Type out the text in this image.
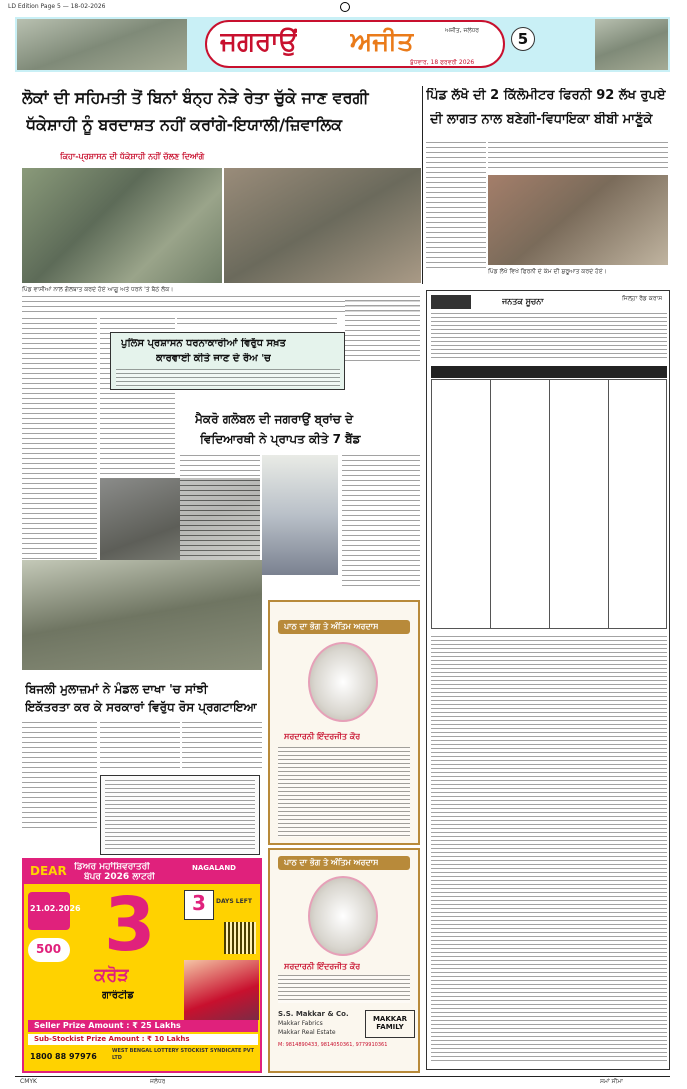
LD Edition Page 5 — 18-02-2026
ਜਗਰਾਉਂ ਅਜੀਤ	ਅਜੀਤ, ਜਲੰਧਰ
ਬੁੱਧਵਾਰ, 18 ਫਰਵਰੀ 2026
5
ਲੋਕਾਂ ਦੀ ਸਹਿਮਤੀ ਤੋਂ ਬਿਨਾਂ ਬੰਨ੍ਹ ਨੇੜੇ ਰੇਤਾ ਚੁੱਕੇ ਜਾਣ ਵਰਗੀ
ਧੱਕੇਸ਼ਾਹੀ ਨੂੰ ਬਰਦਾਸ਼ਤ ਨਹੀਂ ਕਰਾਂਗੇ-ਇਯਾਲੀ/ਜ਼ਿਵਾਲਿਕ
ਪਿੰਡ ਲੱਖੋ ਦੀ 2 ਕਿੱਲੋਮੀਟਰ ਫਿਰਨੀ 92 ਲੱਖ ਰੁਪਏ
ਦੀ ਲਾਗਤ ਨਾਲ ਬਣੇਗੀ-ਵਿਧਾਇਕਾ ਬੀਬੀ ਮਾਣੂੰਕੇ
ਕਿਹਾ-ਪ੍ਰਸ਼ਾਸਨ ਦੀ ਧੱਕੇਸ਼ਾਹੀ ਨਹੀਂ ਚੱਲਣ ਦਿਆਂਗੇ
ਪਿੰਡ ਵਾਸੀਆਂ ਨਾਲ ਗੱਲਬਾਤ ਕਰਦੇ ਹੋਏ ਆਗੂ ਅਤੇ ਧਰਨੇ 'ਤੇ ਬੈਠੇ ਲੋਕ।
ਪਿੰਡ ਲੱਖੋ ਵਿਖੇ ਫਿਰਨੀ ਦੇ ਕੰਮ ਦੀ ਸ਼ੁਰੂਆਤ ਕਰਦੇ ਹੋਏ।
ਪੁਲਿਸ ਪ੍ਰਸ਼ਾਸਨ ਧਰਨਾਕਾਰੀਆਂ ਵਿਰੁੱਧ ਸਖ਼ਤ
ਕਾਰਵਾਈ ਕੀਤੇ ਜਾਣ ਦੇ ਰੌਅ 'ਚ
ਮੈਕਰੋ ਗਲੋਬਲ ਦੀ ਜਗਰਾਉਂ ਬ੍ਰਾਂਚ ਦੇ
ਵਿਦਿਆਰਥੀ ਨੇ ਪ੍ਰਾਪਤ ਕੀਤੇ 7 ਬੈਂਡ
ਬਿਜਲੀ ਮੁਲਾਜ਼ਮਾਂ ਨੇ ਮੰਡਲ ਦਾਖਾ 'ਚ ਸਾਂਝੀ
ਇਕੱਤਰਤਾ ਕਰ ਕੇ ਸਰਕਾਰਾਂ ਵਿਰੁੱਧ ਰੋਸ ਪ੍ਰਗਟਾਇਆ
ਪਾਠ ਦਾ ਭੋਗ ਤੇ ਅੰਤਿਮ ਅਰਦਾਸ
ਸਰਦਾਰਨੀ ਇੰਦਰਜੀਤ ਕੌਰ
ਪਾਠ ਦਾ ਭੋਗ ਤੇ ਅੰਤਿਮ ਅਰਦਾਸ
ਸਰਦਾਰਨੀ ਇੰਦਰਜੀਤ ਕੌਰ
S.S. Makkar & Co.
Makkar Fabrics
Makkar Real Estate
MAKKAR FAMILY
M: 9814890433, 9814050361, 9779910361
DEAR ਡਿਅਰ ਮਹਾਂਸ਼ਿਵਰਾਤਰੀ
ਬੰਪਰ 2026 ਲਾਟਰੀ
NAGALAND
21.02.2026
500 3
ਕਰੋੜ
ਗਾਰੰਟੀਡ
3 DAYS LEFT
Seller Prize Amount : ₹ 25 Lakhs
Sub-Stockist Prize Amount : ₹ 10 Lakhs
1800 88 97976
WEST BENGAL LOTTERY STOCKIST SYNDICATE PVT LTD
ਜਨਤਕ ਸੂਚਨਾ	ਜਿਲ੍ਹਾ ਰੈਡ ਕਰਾਸ
CMYK	ਜਲੰਧਰ	ਸਮਾਂ ਸੀਮਾ
